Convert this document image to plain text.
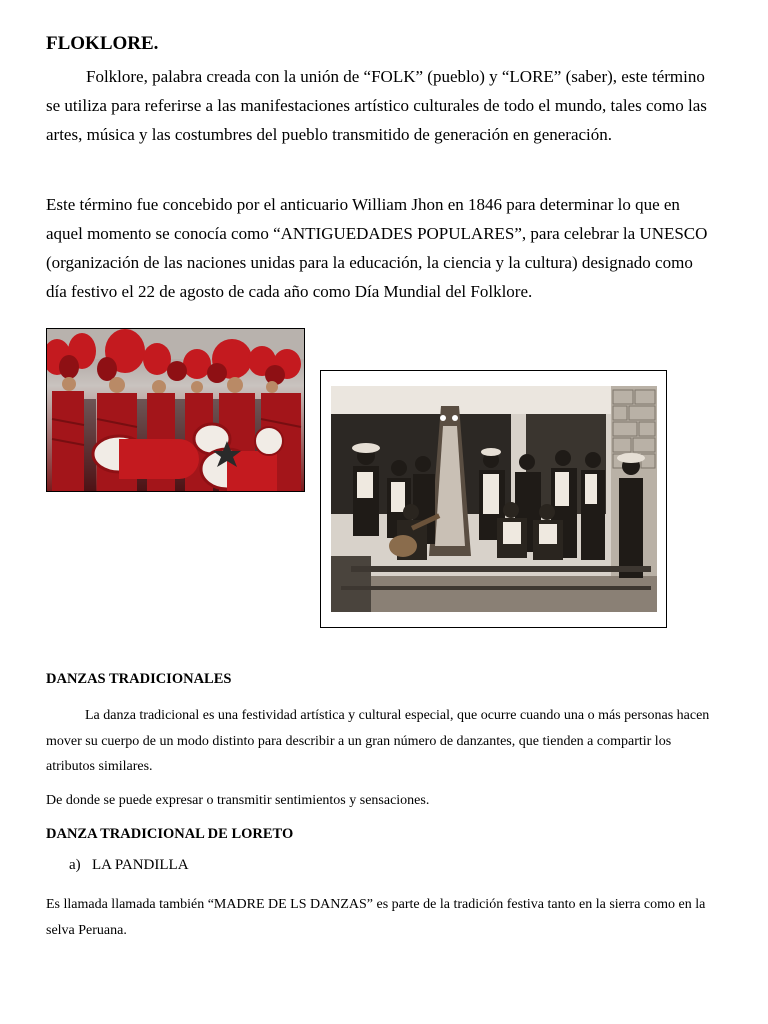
FLOKLORE.

Folklore, palabra creada con la unión de “FOLK” (pueblo) y “LORE” (saber), este término se utiliza para referirse a las manifestaciones artístico culturales de todo el mundo, tales como las artes, música y las costumbres del pueblo transmitido de generación en generación.

Este término fue concebido por el anticuario William Jhon en 1846 para determinar lo que en aquel momento se conocía como “ANTIGUEDADES POPULARES”, para celebrar la UNESCO (organización de las naciones unidas para la educación, la ciencia y la cultura) designado como día festivo el 22 de agosto de cada año como Día Mundial del Folklore.

DANZAS TRADICIONALES

La danza tradicional es una festividad artística y cultural especial, que ocurre cuando una o más personas hacen mover su cuerpo de un modo distinto para describir a un gran número de danzantes, que tienden a compartir los atributos similares.

De donde se puede expresar o transmitir sentimientos y sensaciones.

DANZA TRADICIONAL DE LORETO
a) LA PANDILLA

Es llamada llamada también “MADRE DE LS DANZAS” es parte de la tradición festiva tanto en la sierra como en la selva Peruana.
